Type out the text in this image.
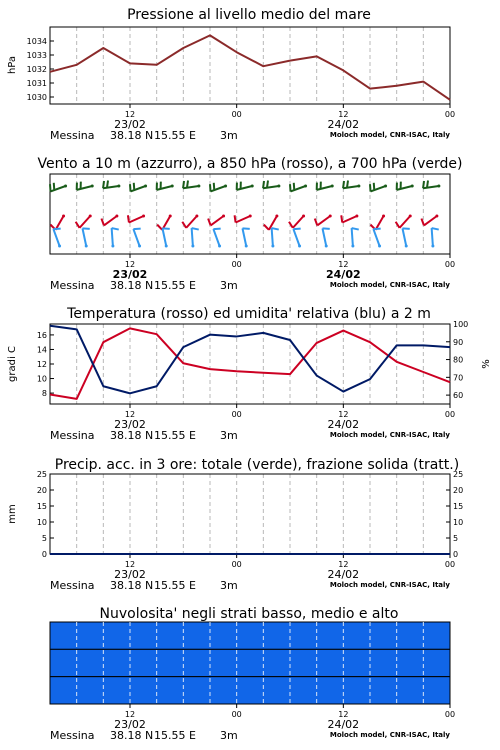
Pressione al livello medio del mare
hPa
Vento a 10 m (azzurro), a 850 hPa (rosso), a 700 hPa (verde)
Temperatura (rosso) ed umidita' relativa (blu) a 2 m
gradi C	%
Precip. acc. in 3 ore: totale (verde), frazione solida (tratt.)
mm
Nuvolosita' negli strati basso, medio e alto
12	00	12	00
23/02	24/02
Messina 38.18 N 15.55 E 3m	Moloch model, CNR-ISAC, Italy
12	00	12	00
23/02	24/02
Messina 38.18 N 15.55 E 3m	Moloch model, CNR-ISAC, Italy
12	00	12	00
23/02	24/02
Messina 38.18 N 15.55 E 3m	Moloch model, CNR-ISAC, Italy
12	00	12	00
23/02	24/02
Messina 38.18 N 15.55 E 3m	Moloch model, CNR-ISAC, Italy
12	00	12	00
23/02	24/02
Messina 38.18 N 15.55 E 3m	Moloch model, CNR-ISAC, Italy
1030
1031
1032
1033
1034
8
10
12
14
16
60
70
80
90
100
0
5
10
15
20
25
0
5
10
15
20
25
